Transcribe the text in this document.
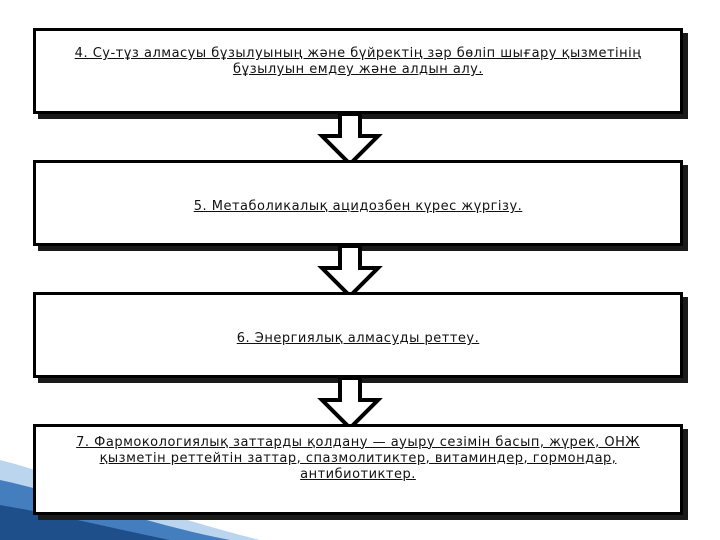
4. Су-тұз алмасуы бұзылуының және бүйректің зәр бөліп шығару қызметінің бұзылуын емдеу және алдын алу.
5. Метаболикалық ацидозбен күрес жүргізу.
6. Энергиялық алмасуды реттеу.
7. Фармокологиялық заттарды қолдану — ауыру сезімін басып, жүрек, ОНЖ қызметін реттейтін заттар, спазмолитиктер, витаминдер, гормондар, антибиотиктер.
